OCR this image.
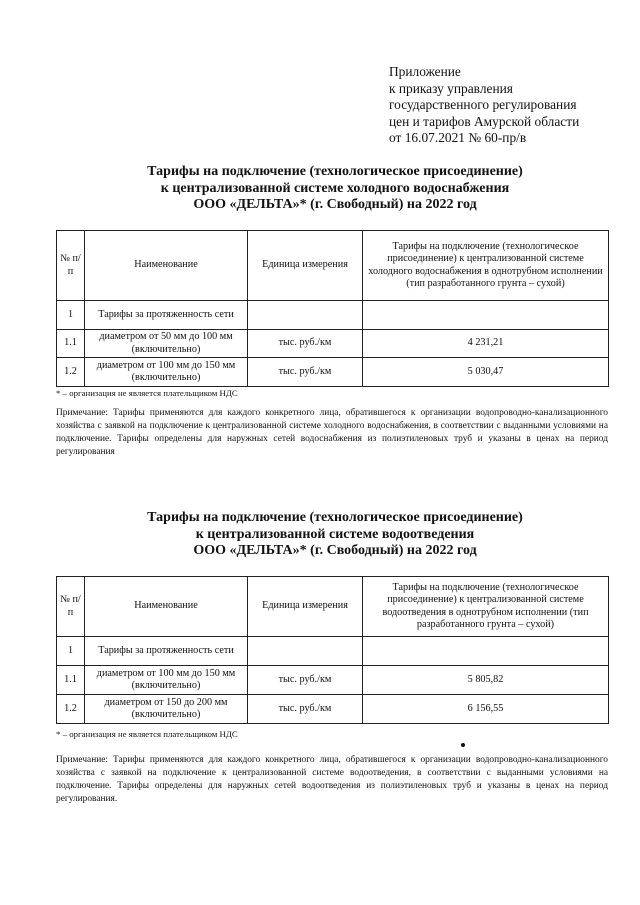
Приложение
к приказу управления
государственного регулирования
цен и тарифов Амурской области
от 16.07.2021 № 60-пр/в
Тарифы на подключение (технологическое присоединение)
к централизованной системе холодного водоснабжения
ООО «ДЕЛЬТА»* (г. Свободный) на 2022 год
№ п/п	Наименование	Единица измерения	Тарифы на подключение (технологическое присоединение) к централизованной системе холодного водоснабжения в однотрубном исполнении (тип разработанного грунта – сухой)
1	Тарифы за протяженность сети		
1.1	диаметром от 50 мм до 100 мм (включительно)	тыс. руб./км	4 231,21
1.2	диаметром от 100 мм до 150 мм (включительно)	тыс. руб./км	5 030,47
* – организация не является плательщиком НДС
Примечание: Тарифы применяются для каждого конкретного лица, обратившегося к организации водопроводно-канализационного хозяйства с заявкой на подключение к централизованной системе холодного водоснабжения, в соответствии с выданными условиями на подключение. Тарифы определены для наружных сетей водоснабжения из полиэтиленовых труб и указаны в ценах на период регулирования
Тарифы на подключение (технологическое присоединение)
к централизованной системе водоотведения
ООО «ДЕЛЬТА»* (г. Свободный) на 2022 год
№ п/п	Наименование	Единица измерения	Тарифы на подключение (технологическое присоединение) к централизованной системе водоотведения в однотрубном исполнении (тип разработанного грунта – сухой)
1	Тарифы за протяженность сети		
1.1	диаметром от 100 мм до 150 мм (включительно)	тыс. руб./км	5 805,82
1.2	диаметром от 150 до 200 мм (включительно)	тыс. руб./км	6 156,55
* – организация не является плательщиком НДС
Примечание: Тарифы применяются для каждого конкретного лица, обратившегося к организации водопроводно-канализационного хозяйства с заявкой на подключение к централизованной системе водоотведения, в соответствии с выданными условиями на подключение. Тарифы определены для наружных сетей водоотведения из полиэтиленовых труб и указаны в ценах на период регулирования.
